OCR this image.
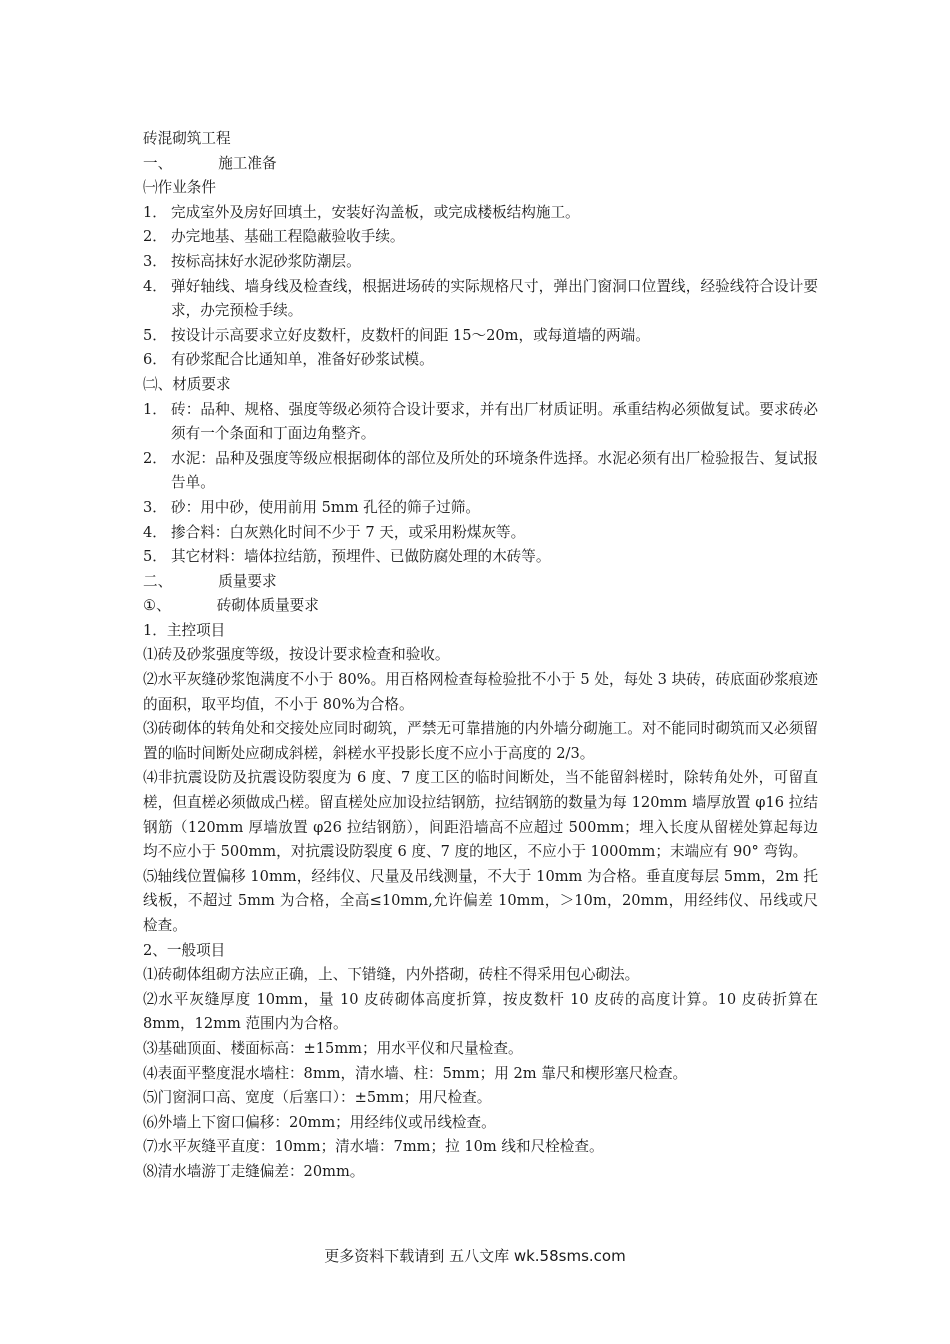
砖混砌筑工程
一、	施工准备
㈠作业条件
1． 完成室外及房好回填土，安装好沟盖板，或完成楼板结构施工。
2． 办完地基、基础工程隐蔽验收手续。
3． 按标高抹好水泥砂浆防潮层。
4． 弹好轴线、墙身线及检查线，根据进场砖的实际规格尺寸，弹出门窗洞口位置线，经验线符合设计要求，办完预检手续。
5． 按设计示高要求立好皮数杆，皮数杆的间距 15～20m，或每道墙的两端。
6． 有砂浆配合比通知单，准备好砂浆试模。
㈡、材质要求
1． 砖：品种、规格、强度等级必须符合设计要求，并有出厂材质证明。承重结构必须做复试。要求砖必须有一个条面和丁面边角整齐。
2． 水泥：品种及强度等级应根据砌体的部位及所处的环境条件选择。水泥必须有出厂检验报告、复试报告单。
3． 砂：用中砂，使用前用 5mm 孔径的筛子过筛。
4． 掺合料：白灰熟化时间不少于 7 天，或采用粉煤灰等。
5． 其它材料：墙体拉结筋，预埋件、已做防腐处理的木砖等。
二、	质量要求
①、	砖砌体质量要求
1．主控项目
⑴砖及砂浆强度等级，按设计要求检查和验收。
⑵水平灰缝砂浆饱满度不小于 80%。用百格网检查每检验批不小于 5 处，每处 3 块砖，砖底面砂浆痕迹的面积，取平均值，不小于 80%为合格。
⑶砖砌体的转角处和交接处应同时砌筑，严禁无可靠措施的内外墙分砌施工。对不能同时砌筑而又必须留置的临时间断处应砌成斜槎，斜槎水平投影长度不应小于高度的 2/3。
⑷非抗震设防及抗震设防裂度为 6 度、7 度工区的临时间断处，当不能留斜槎时，除转角处外，可留直槎，但直槎必须做成凸槎。留直槎处应加设拉结钢筋，拉结钢筋的数量为每 120mm 墙厚放置 φ16 拉结钢筋（120mm 厚墙放置 φ26 拉结钢筋），间距沿墙高不应超过 500mm；埋入长度从留槎处算起每边均不应小于 500mm，对抗震设防裂度 6 度、7 度的地区，不应小于 1000mm；末端应有 90° 弯钩。
⑸轴线位置偏移 10mm，经纬仪、尺量及吊线测量，不大于 10mm 为合格。垂直度每层 5mm，2m 托线板，不超过 5mm 为合格，全高≤10mm,允许偏差 10mm，＞10m，20mm，用经纬仪、吊线或尺检查。
2、一般项目
⑴砖砌体组砌方法应正确，上、下错缝，内外搭砌，砖柱不得采用包心砌法。
⑵水平灰缝厚度 10mm，量 10 皮砖砌体高度折算，按皮数杆 10 皮砖的高度计算。10 皮砖折算在 8mm，12mm 范围内为合格。
⑶基础顶面、楼面标高：±15mm；用水平仪和尺量检查。
⑷表面平整度混水墙柱：8mm，清水墙、柱：5mm；用 2m 靠尺和楔形塞尺检查。
⑸门窗洞口高、宽度（后塞口）：±5mm；用尺检查。
⑹外墙上下窗口偏移：20mm；用经纬仪或吊线检查。
⑺水平灰缝平直度：10mm；清水墙：7mm；拉 10m 线和尺栓检查。
⑻清水墙游丁走缝偏差：20mm。
更多资料下载请到 五八文库 wk.58sms.com
